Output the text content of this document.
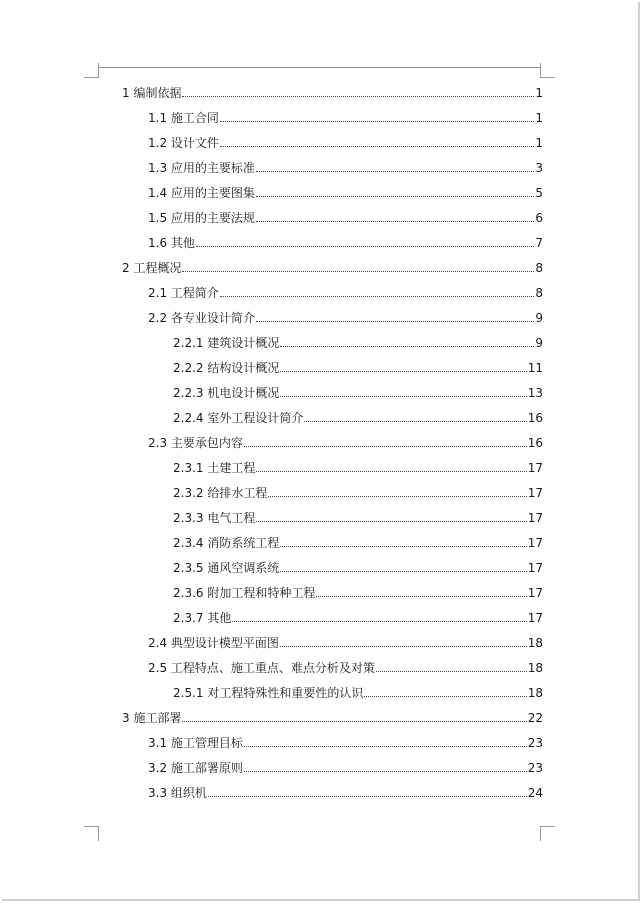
1 编制依据	1
1.1 施工合同	1
1.2 设计文件	1
1.3 应用的主要标准	3
1.4 应用的主要图集	5
1.5 应用的主要法规	6
1.6 其他	7
2 工程概况	8
2.1 工程简介	8
2.2 各专业设计简介	9
2.2.1 建筑设计概况	9
2.2.2 结构设计概况	11
2.2.3 机电设计概况	13
2.2.4 室外工程设计简介	16
2.3 主要承包内容	16
2.3.1 土建工程	17
2.3.2 给排水工程	17
2.3.3 电气工程	17
2.3.4 消防系统工程	17
2.3.5 通风空调系统	17
2.3.6 附加工程和特种工程	17
2.3.7 其他	17
2.4 典型设计模型平面图	18
2.5 工程特点、施工重点、难点分析及对策	18
2.5.1 对工程特殊性和重要性的认识	18
3 施工部署	22
3.1 施工管理目标	23
3.2 施工部署原则	23
3.3 组织机	24
